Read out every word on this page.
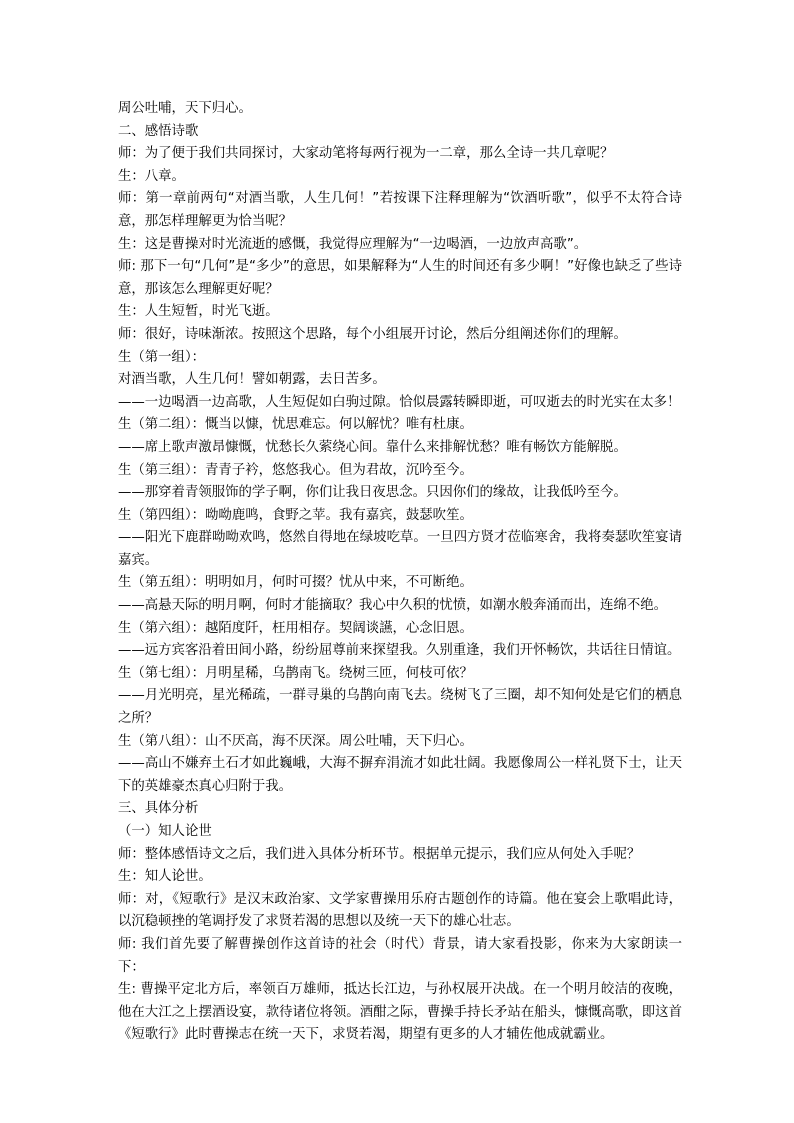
周公吐哺，天下归心。

二、感悟诗歌

师：为了便于我们共同探讨，大家动笔将每两行视为一二章，那么全诗一共几章呢？

生：八章。

师：第一章前两句“对酒当歌，人生几何！”若按课下注释理解为“饮酒听歌”，似乎不太符合诗意，那怎样理解更为恰当呢？

生：这是曹操对时光流逝的感慨，我觉得应理解为“一边喝酒，一边放声高歌”。

师: 那下一句“几何”是“多少”的意思，如果解释为“人生的时间还有多少啊！”好像也缺乏了些诗意，那该怎么理解更好呢？

生：人生短暂，时光飞逝。

师：很好，诗味渐浓。按照这个思路，每个小组展开讨论，然后分组阐述你们的理解。

生（第一组）：

对酒当歌，人生几何！譬如朝露，去日苦多。

——一边喝酒一边高歌，人生短促如白驹过隙。恰似晨露转瞬即逝，可叹逝去的时光实在太多！

生（第二组）：慨当以慷，忧思难忘。何以解忧？唯有杜康。

——席上歌声激昂慷慨，忧愁长久萦绕心间。靠什么来排解忧愁？唯有畅饮方能解脱。

生（第三组）：青青子衿，悠悠我心。但为君故，沉吟至今。

——那穿着青领服饰的学子啊，你们让我日夜思念。只因你们的缘故，让我低吟至今。

生（第四组）：呦呦鹿鸣，食野之苹。我有嘉宾，鼓瑟吹笙。

——阳光下鹿群呦呦欢鸣，悠然自得地在绿坡吃草。一旦四方贤才莅临寒舍，我将奏瑟吹笙宴请嘉宾。

生（第五组）：明明如月，何时可掇？忧从中来，不可断绝。

——高悬天际的明月啊，何时才能摘取？我心中久积的忧愤，如潮水般奔涌而出，连绵不绝。

生（第六组）：越陌度阡，枉用相存。契阔谈讌，心念旧恩。

——远方宾客沿着田间小路，纷纷屈尊前来探望我。久别重逢，我们开怀畅饮，共话往日情谊。

生（第七组）：月明星稀，乌鹊南飞。绕树三匝，何枝可依？

——月光明亮，星光稀疏，一群寻巢的乌鹊向南飞去。绕树飞了三圈，却不知何处是它们的栖息之所？

生（第八组）：山不厌高，海不厌深。周公吐哺，天下归心。

——高山不嫌弃土石才如此巍峨，大海不摒弃涓流才如此壮阔。我愿像周公一样礼贤下士，让天下的英雄豪杰真心归附于我。

三、具体分析

（一）知人论世

师：整体感悟诗文之后，我们进入具体分析环节。根据单元提示，我们应从何处入手呢？

生：知人论世。

师：对，《短歌行》是汉末政治家、文学家曹操用乐府古题创作的诗篇。他在宴会上歌唱此诗，以沉稳顿挫的笔调抒发了求贤若渴的思想以及统一天下的雄心壮志。

师: 我们首先要了解曹操创作这首诗的社会（时代）背景，请大家看投影，你来为大家朗读一下：

生: 曹操平定北方后，率领百万雄师，抵达长江边，与孙权展开决战。在一个明月皎洁的夜晚，他在大江之上摆酒设宴，款待诸位将领。酒酣之际，曹操手持长矛站在船头，慷慨高歌，即这首《短歌行》此时曹操志在统一天下，求贤若渴，期望有更多的人才辅佐他成就霸业。
